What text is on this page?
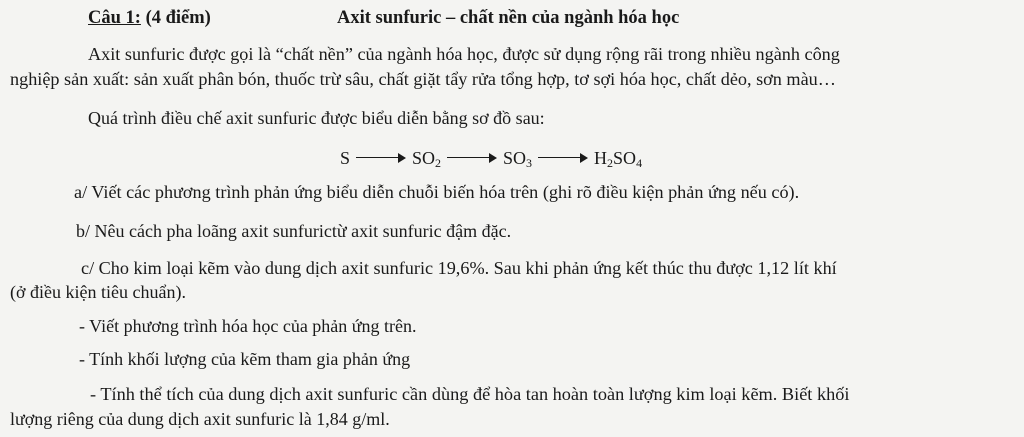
Câu 1: (4 điểm)	Axit sunfuric – chất nền của ngành hóa học
Axit sunfuric được gọi là “chất nền” của ngành hóa học, được sử dụng rộng rãi trong nhiều ngành công
nghiệp sản xuất: sản xuất phân bón, thuốc trừ sâu, chất giặt tẩy rửa tổng hợp, tơ sợi hóa học, chất dẻo, sơn màu…
Quá trình điều chế axit sunfuric được biểu diễn bằng sơ đồ sau:
S	$SO_2$	$SO_3$	$H_2SO_4$
a/ Viết các phương trình phản ứng biểu diễn chuỗi biến hóa trên (ghi rõ điều kiện phản ứng nếu có).
b/ Nêu cách pha loãng axit sunfurictừ axit sunfuric đậm đặc.
c/ Cho kim loại kẽm vào dung dịch axit sunfuric 19,6%. Sau khi phản ứng kết thúc thu được 1,12 lít khí
(ở điều kiện tiêu chuẩn).
- Viết phương trình hóa học của phản ứng trên.
- Tính khối lượng của kẽm tham gia phản ứng
- Tính thể tích của dung dịch axit sunfuric cần dùng để hòa tan hoàn toàn lượng kim loại kẽm. Biết khối
lượng riêng của dung dịch axit sunfuric là 1,84 g/ml.
